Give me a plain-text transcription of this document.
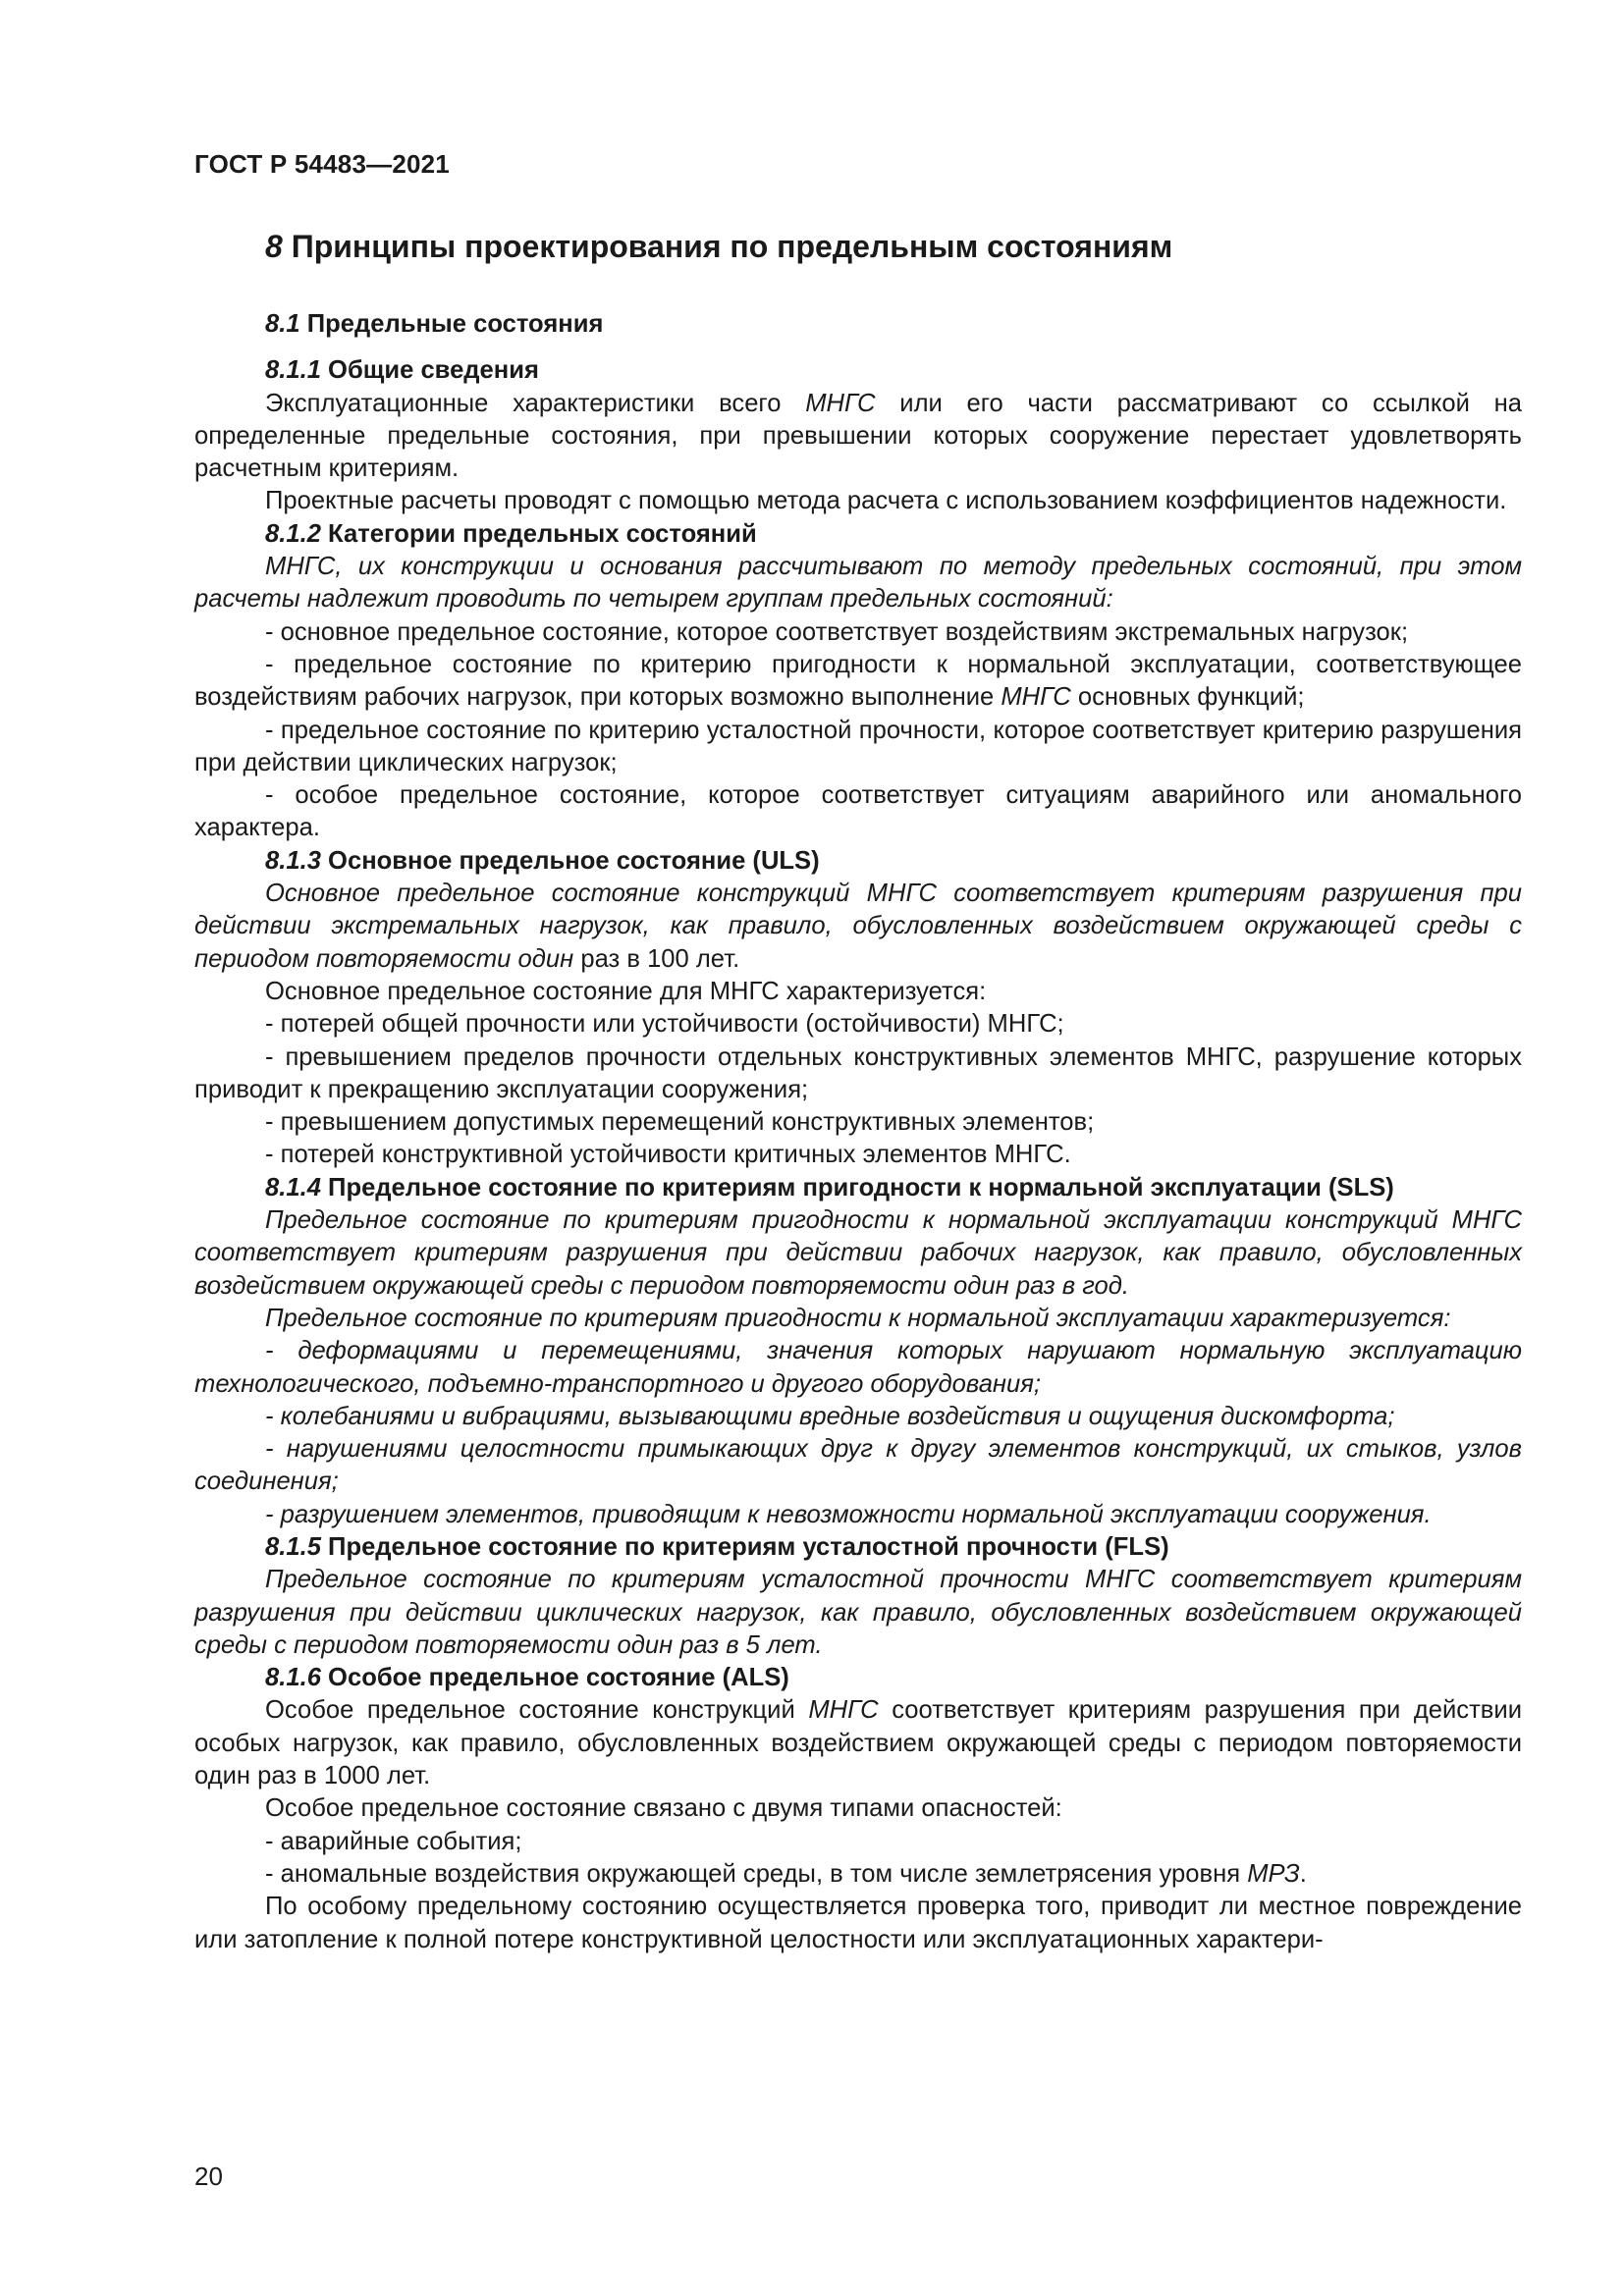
ГОСТ Р 54483—2021
8 Принципы проектирования по предельным состояниям

8.1 Предельные состояния

8.1.1 Общие сведения

Эксплуатационные характеристики всего МНГС или его части рассматривают со ссылкой на определенные предельные состояния, при превышении которых сооружение перестает удовлетворять расчетным критериям.

Проектные расчеты проводят с помощью метода расчета с использованием коэффициентов надежности.

8.1.2 Категории предельных состояний

МНГС, их конструкции и основания рассчитывают по методу предельных состояний, при этом расчеты надлежит проводить по четырем группам предельных состояний:

- основное предельное состояние, которое соответствует воздействиям экстремальных нагрузок;

- предельное состояние по критерию пригодности к нормальной эксплуатации, соответствующее воздействиям рабочих нагрузок, при которых возможно выполнение МНГС основных функций;

- предельное состояние по критерию усталостной прочности, которое соответствует критерию разрушения при действии циклических нагрузок;

- особое предельное состояние, которое соответствует ситуациям аварийного или аномального характера.

8.1.3 Основное предельное состояние (ULS)

Основное предельное состояние конструкций МНГС соответствует критериям разрушения при действии экстремальных нагрузок, как правило, обусловленных воздействием окружающей среды с периодом повторяемости один раз в 100 лет.

Основное предельное состояние для МНГС характеризуется:

- потерей общей прочности или устойчивости (остойчивости) МНГС;

- превышением пределов прочности отдельных конструктивных элементов МНГС, разрушение которых приводит к прекращению эксплуатации сооружения;

- превышением допустимых перемещений конструктивных элементов;

- потерей конструктивной устойчивости критичных элементов МНГС.

8.1.4 Предельное состояние по критериям пригодности к нормальной эксплуатации (SLS)

Предельное состояние по критериям пригодности к нормальной эксплуатации конструкций МНГС соответствует критериям разрушения при действии рабочих нагрузок, как правило, обусловленных воздействием окружающей среды с периодом повторяемости один раз в год.

Предельное состояние по критериям пригодности к нормальной эксплуатации характеризуется:

- деформациями и перемещениями, значения которых нарушают нормальную эксплуатацию технологического, подъемно-транспортного и другого оборудования;

- колебаниями и вибрациями, вызывающими вредные воздействия и ощущения дискомфорта;

- нарушениями целостности примыкающих друг к другу элементов конструкций, их стыков, узлов соединения;

- разрушением элементов, приводящим к невозможности нормальной эксплуатации сооружения.

8.1.5 Предельное состояние по критериям усталостной прочности (FLS)

Предельное состояние по критериям усталостной прочности МНГС соответствует критериям разрушения при действии циклических нагрузок, как правило, обусловленных воздействием окружающей среды с периодом повторяемости один раз в 5 лет.

8.1.6 Особое предельное состояние (ALS)

Особое предельное состояние конструкций МНГС соответствует критериям разрушения при действии особых нагрузок, как правило, обусловленных воздействием окружающей среды с периодом повторяемости один раз в 1000 лет.

Особое предельное состояние связано с двумя типами опасностей:

- аварийные события;

- аномальные воздействия окружающей среды, в том числе землетрясения уровня МРЗ.

По особому предельному состоянию осуществляется проверка того, приводит ли местное повреждение или затопление к полной потере конструктивной целостности или эксплуатационных характери-

20
